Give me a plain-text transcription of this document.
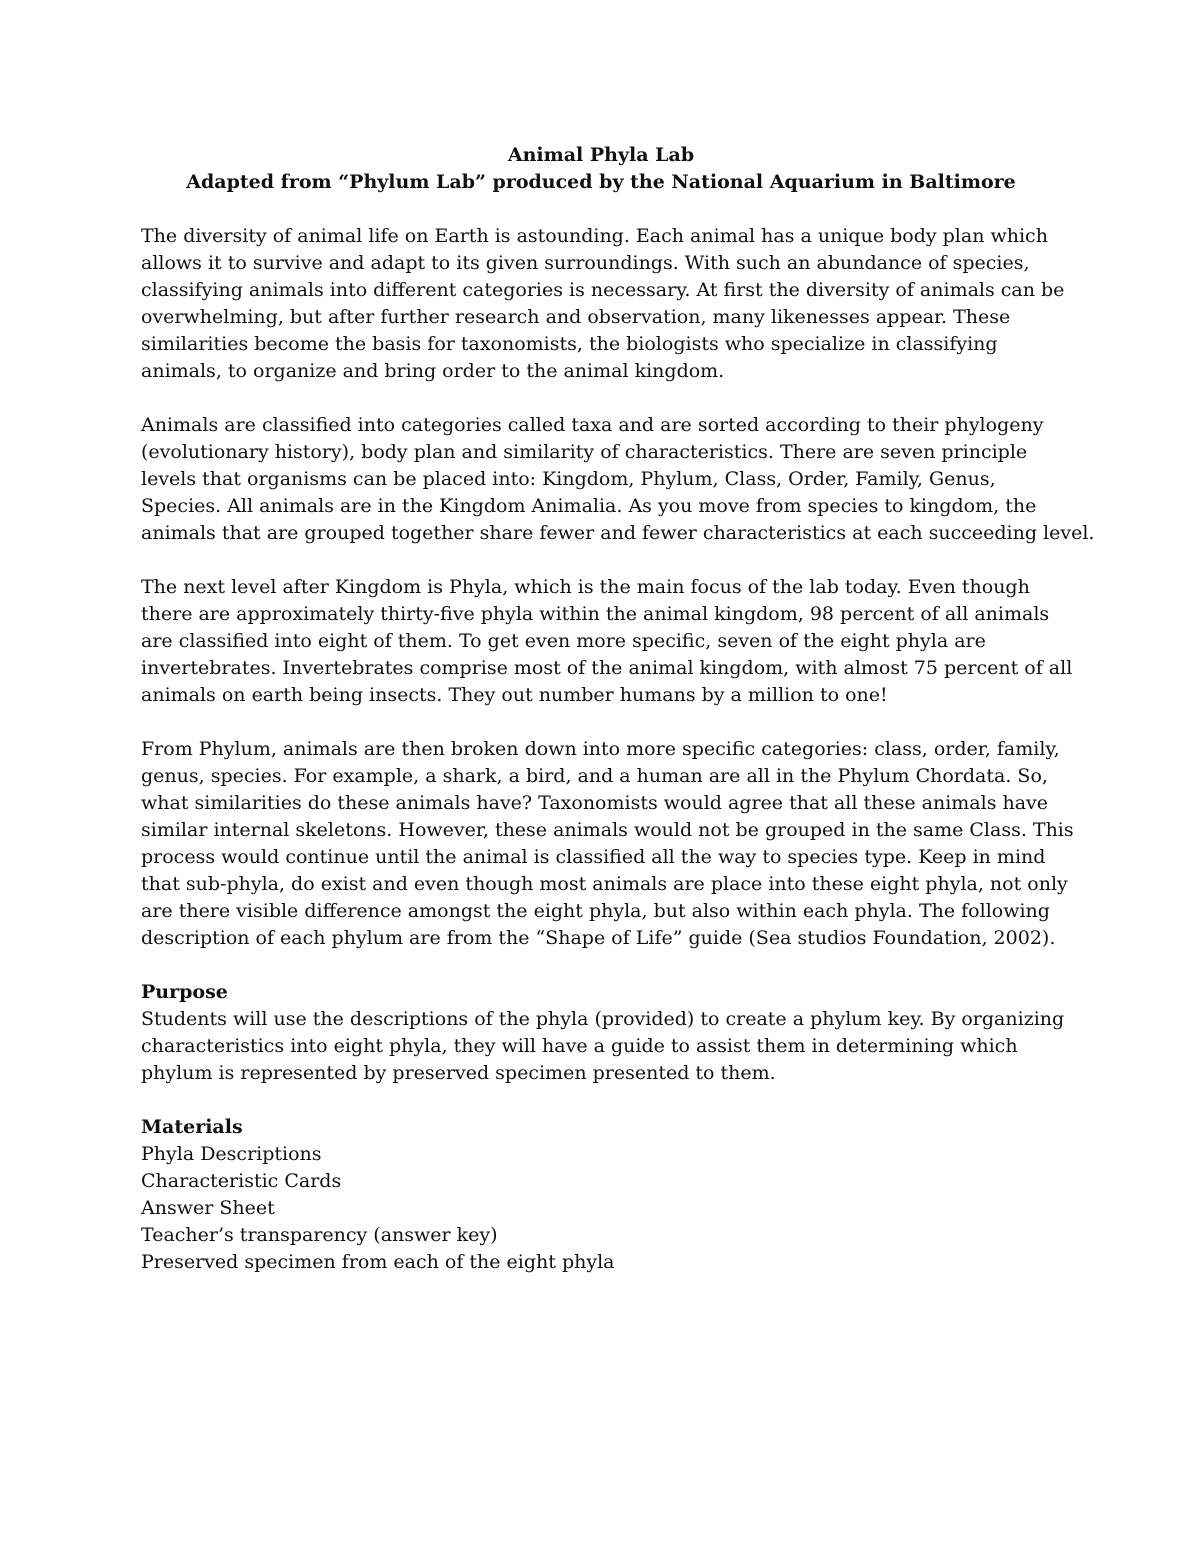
Animal Phyla Lab
Adapted from “Phylum Lab” produced by the National Aquarium in Baltimore

The diversity of animal life on Earth is astounding. Each animal has a unique body plan which
allows it to survive and adapt to its given surroundings. With such an abundance of species,
classifying animals into different categories is necessary. At first the diversity of animals can be
overwhelming, but after further research and observation, many likenesses appear. These
similarities become the basis for taxonomists, the biologists who specialize in classifying
animals, to organize and bring order to the animal kingdom.

Animals are classified into categories called taxa and are sorted according to their phylogeny
(evolutionary history), body plan and similarity of characteristics. There are seven principle
levels that organisms can be placed into: Kingdom, Phylum, Class, Order, Family, Genus,
Species. All animals are in the Kingdom Animalia. As you move from species to kingdom, the
animals that are grouped together share fewer and fewer characteristics at each succeeding level.

The next level after Kingdom is Phyla, which is the main focus of the lab today. Even though
there are approximately thirty-five phyla within the animal kingdom, 98 percent of all animals
are classified into eight of them. To get even more specific, seven of the eight phyla are
invertebrates. Invertebrates comprise most of the animal kingdom, with almost 75 percent of all
animals on earth being insects. They out number humans by a million to one!

From Phylum, animals are then broken down into more specific categories: class, order, family,
genus, species. For example, a shark, a bird, and a human are all in the Phylum Chordata. So,
what similarities do these animals have? Taxonomists would agree that all these animals have
similar internal skeletons. However, these animals would not be grouped in the same Class. This
process would continue until the animal is classified all the way to species type. Keep in mind
that sub-phyla, do exist and even though most animals are place into these eight phyla, not only
are there visible difference amongst the eight phyla, but also within each phyla. The following
description of each phylum are from the “Shape of Life” guide (Sea studios Foundation, 2002).

Purpose

Students will use the descriptions of the phyla (provided) to create a phylum key. By organizing
characteristics into eight phyla, they will have a guide to assist them in determining which
phylum is represented by preserved specimen presented to them.

Materials
Phyla Descriptions
Characteristic Cards
Answer Sheet
Teacher’s transparency (answer key)
Preserved specimen from each of the eight phyla
